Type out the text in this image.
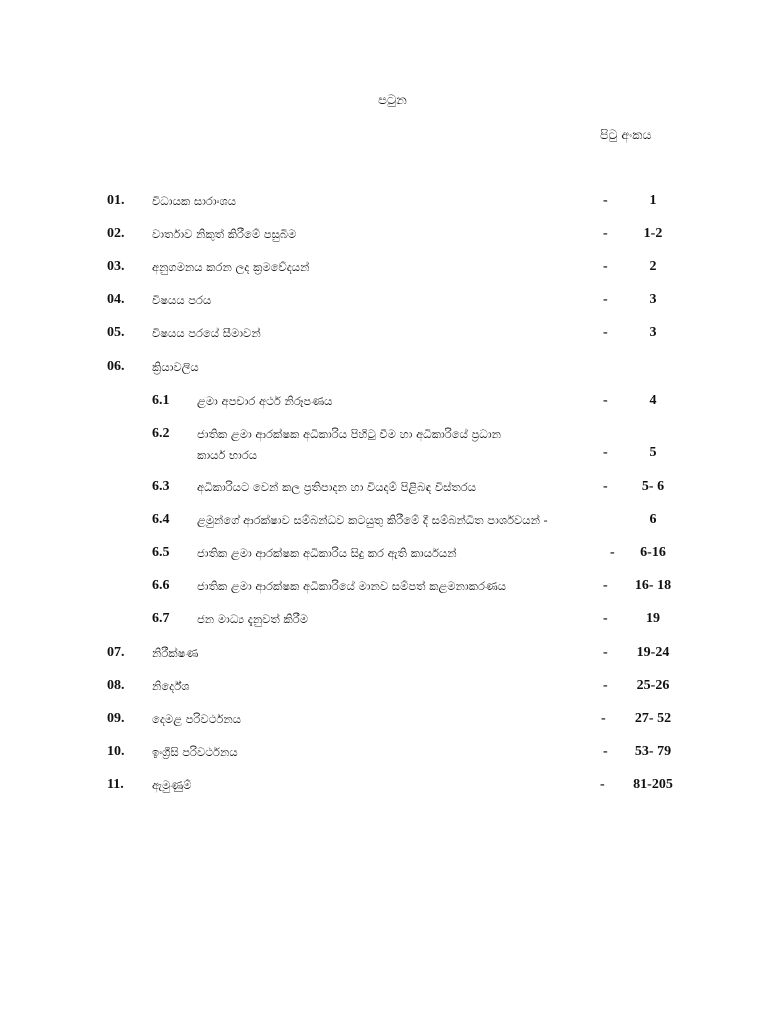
පටුන
පිටු අංකය
01. විධායක සාරාංශය	-	1
02. වාර්තාව නිකුත් කිරීමේ පසුබිම	-	1-2
03. අනුගමනය කරන ලද ක්‍රමවේදයන්	-	2
04. විෂයය පරය	-	3
05. විෂයය පරයේ සීමාවන්	-	3
06. ක්‍රියාවලිය
6.1 ළමා අපචාර අර්ථ නිරූපණය	-	4
6.2 ජාතික ළමා ආරක්ෂක අධිකාරිය පිහිටු වීම හා අධිකාරියේ ප්‍රධාන
කාර්ය භාරය	-	5
6.3 අධිකාරියට වෙන් කල ප්‍රතිපාදන හා වියදම් පිළිබඳ විස්තරය	-	5- 6
6.4 ළමුන්ගේ ආරක්ෂාව සම්බන්ධව කටයුතු කිරීමේ දී සම්බන්ධිත පාර්ශවයන් -	6
6.5 ජාතික ළමා ආරක්ෂක අධිකාරිය සිදු කර ඇති කාර්යයන්	-	6-16
6.6 ජාතික ළමා ආරක්ෂක අධිකාරියේ මානව සම්පත් කළමනාකරණය	-	16- 18
6.7 ජන මාධ්‍ය දැනුවත් කිරීම	-	19
07. නිරීක්ෂණ	-	19-24
08. නිර්දේශ	-	25-26
09. දෙමළ පරිවර්ථනය	-	27- 52
10. ඉංග්‍රීසි පරිවර්ථනය	-	53- 79
11. ඇමුණුම්	-	81-205
